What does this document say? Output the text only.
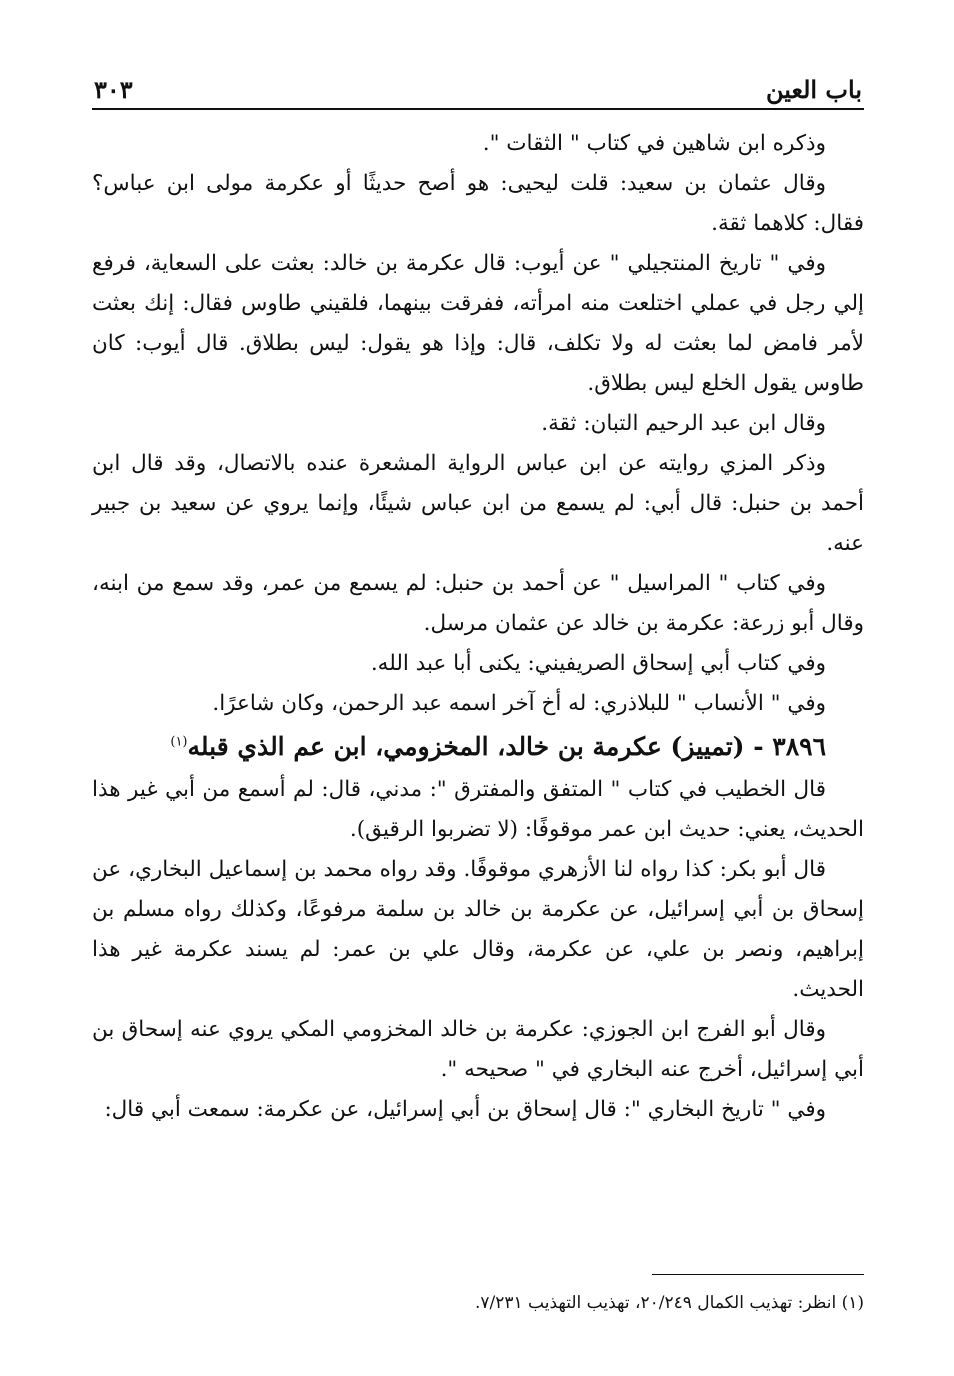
باب العين
٣٠٣

وذكره ابن شاهين في كتاب " الثقات ".

وقال عثمان بن سعيد: قلت ليحيى: هو أصح حديثًا أو عكرمة مولى ابن عباس؟ فقال: كلاهما ثقة.

وفي " تاريخ المنتجيلي " عن أيوب: قال عكرمة بن خالد: بعثت على السعاية، فرفع إلي رجل في عملي اختلعت منه امرأته، ففرقت بينهما، فلقيني طاوس فقال: إنك بعثت لأمر فامض لما بعثت له ولا تكلف، قال: وإذا هو يقول: ليس بطلاق. قال أيوب: كان طاوس يقول الخلع ليس بطلاق.

وقال ابن عبد الرحيم التبان: ثقة.

وذكر المزي روايته عن ابن عباس الرواية المشعرة عنده بالاتصال، وقد قال ابن أحمد بن حنبل: قال أبي: لم يسمع من ابن عباس شيئًا، وإنما يروي عن سعيد بن جبير عنه.

وفي كتاب " المراسيل " عن أحمد بن حنبل: لم يسمع من عمر، وقد سمع من ابنه، وقال أبو زرعة: عكرمة بن خالد عن عثمان مرسل.

وفي كتاب أبي إسحاق الصريفيني: يكنى أبا عبد الله.

وفي " الأنساب " للبلاذري: له أخ آخر اسمه عبد الرحمن، وكان شاعرًا.

٣٨٩٦ - (تمييز) عكرمة بن خالد، المخزومي، ابن عم الذي قبله$^{(١)}$

قال الخطيب في كتاب " المتفق والمفترق ": مدني، قال: لم أسمع من أبي غير هذا الحديث، يعني: حديث ابن عمر موقوفًا: (لا تضربوا الرقيق).

قال أبو بكر: كذا رواه لنا الأزهري موقوفًا. وقد رواه محمد بن إسماعيل البخاري، عن إسحاق بن أبي إسرائيل، عن عكرمة بن خالد بن سلمة مرفوعًا، وكذلك رواه مسلم بن إبراهيم، ونصر بن علي، عن عكرمة، وقال علي بن عمر: لم يسند عكرمة غير هذا الحديث.

وقال أبو الفرج ابن الجوزي: عكرمة بن خالد المخزومي المكي يروي عنه إسحاق بن أبي إسرائيل، أخرج عنه البخاري في " صحيحه ".

وفي " تاريخ البخاري ": قال إسحاق بن أبي إسرائيل، عن عكرمة: سمعت أبي قال:

(١) انظر: تهذيب الكمال ٢٠/٢٤٩، تهذيب التهذيب ٧/٢٣١.
